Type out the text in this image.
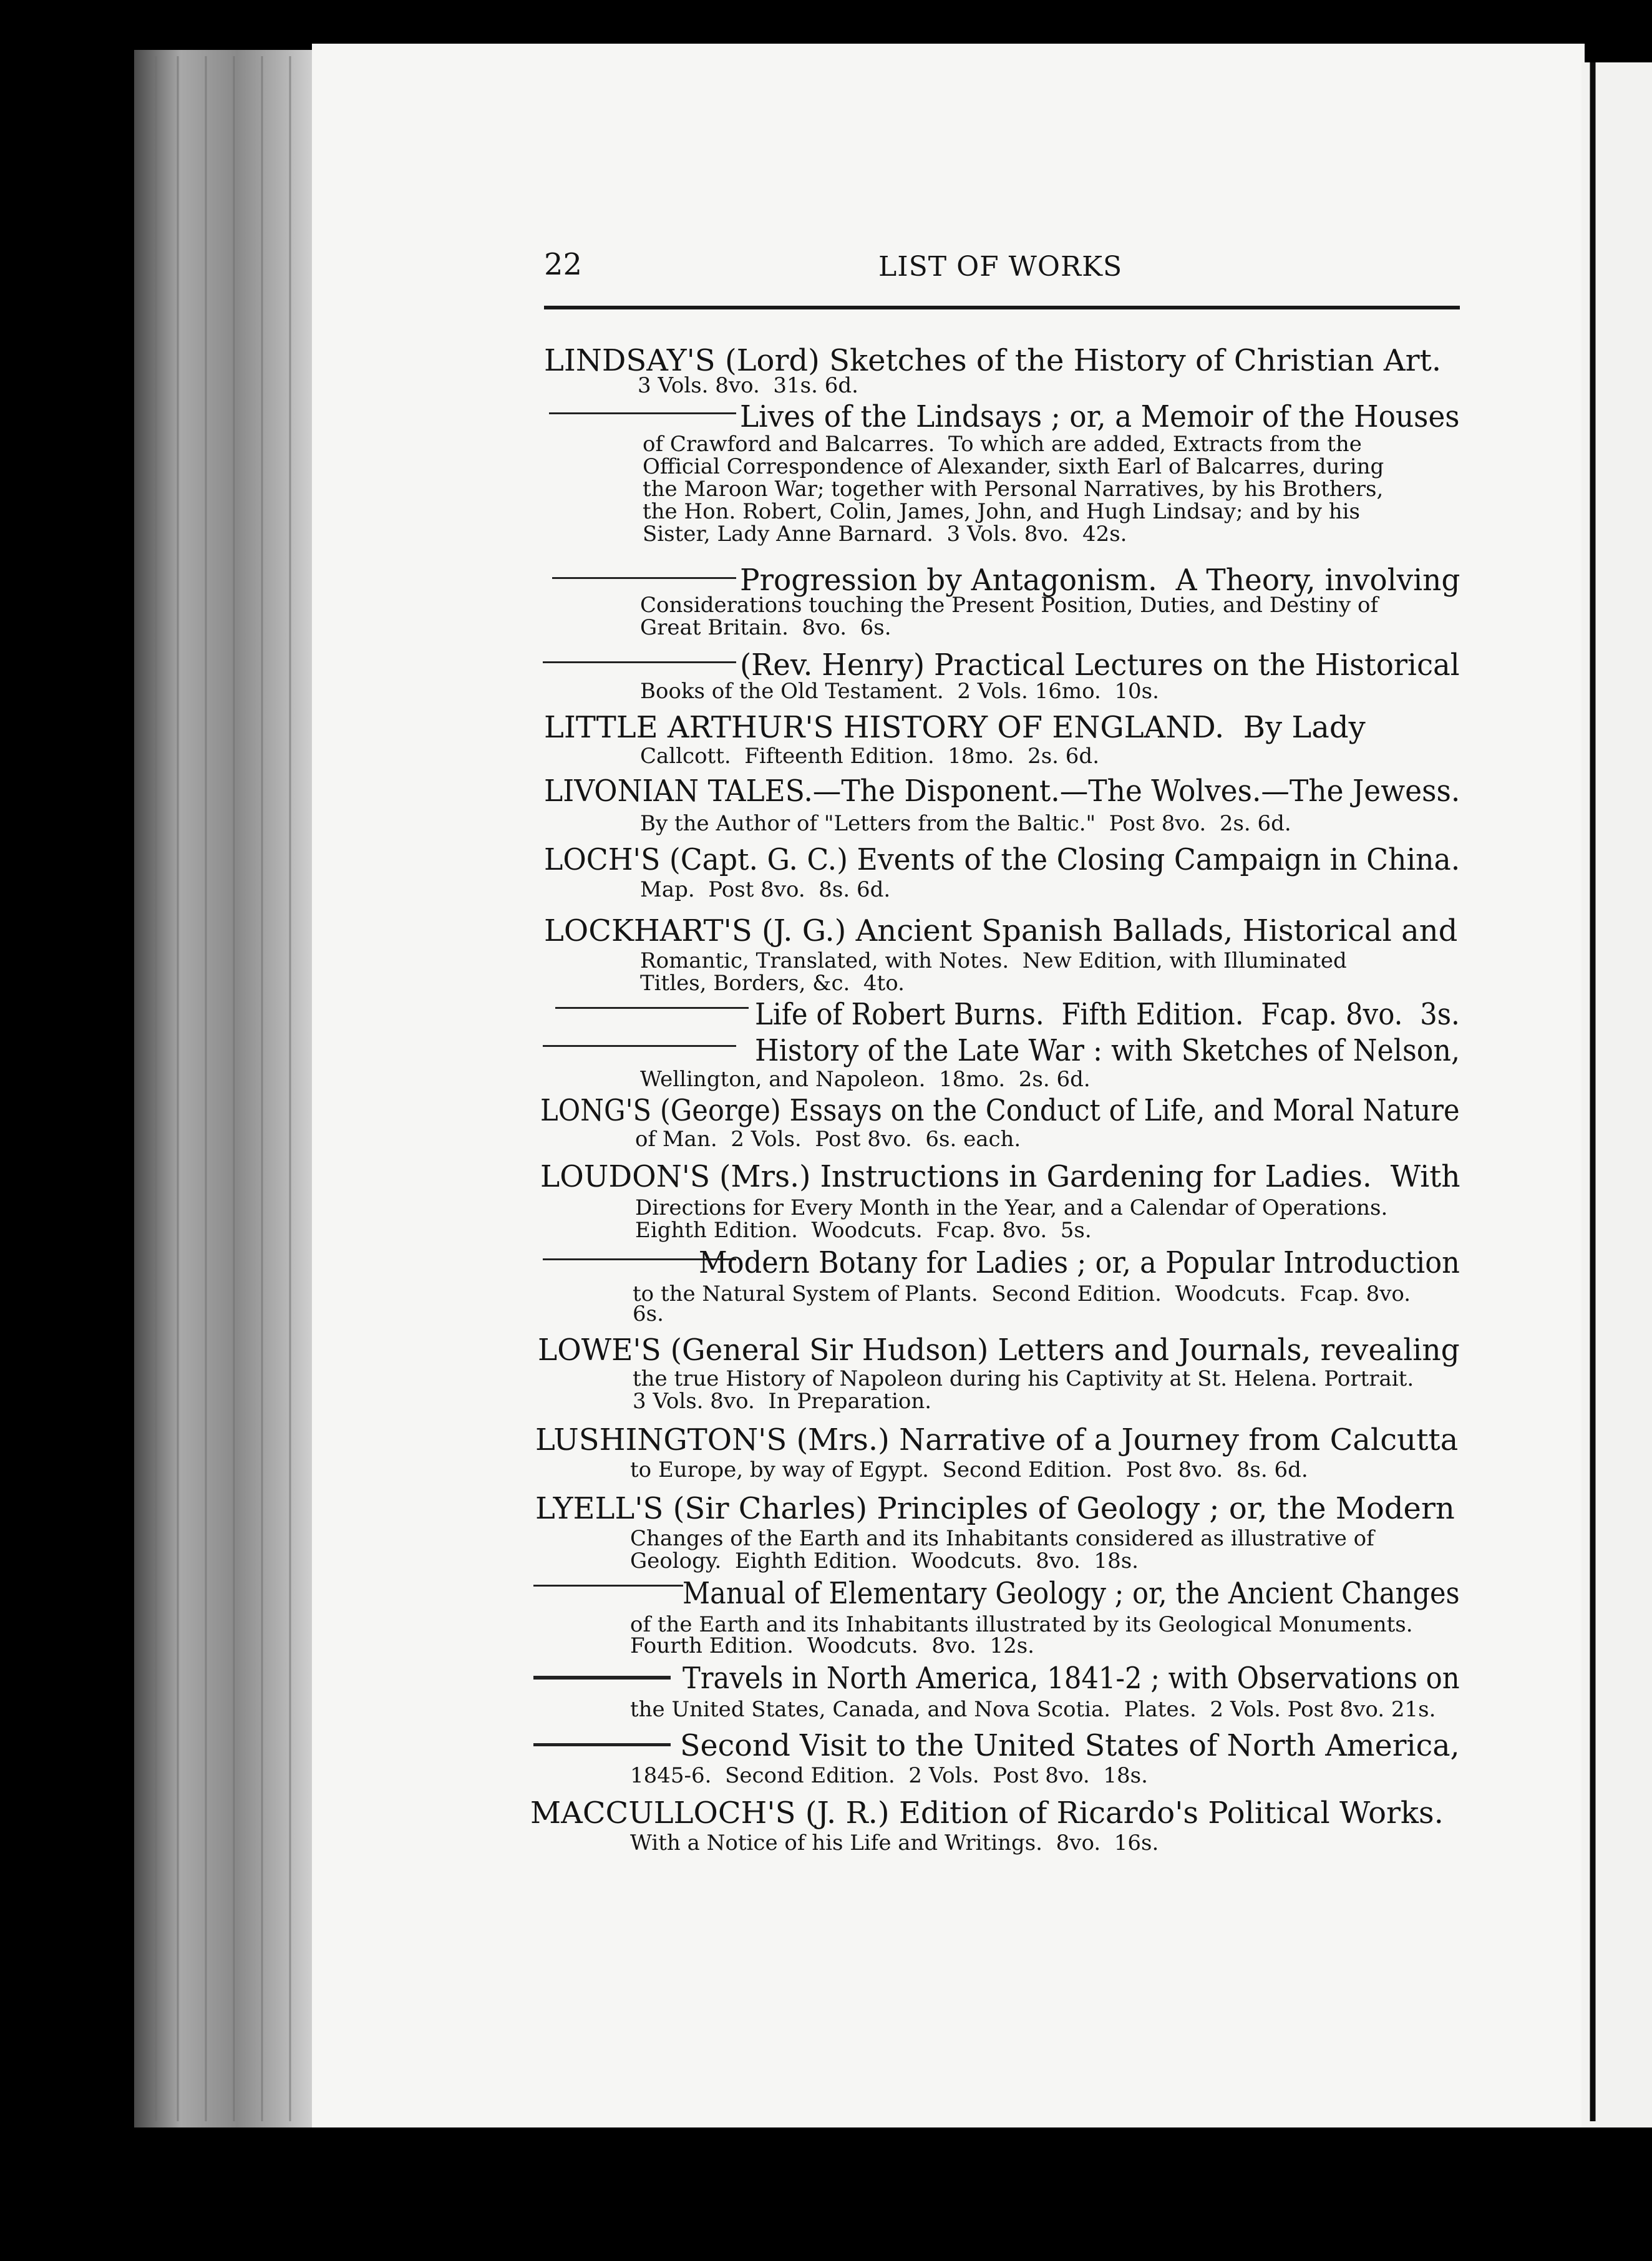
22	LIST OF WORKS
LINDSAY'S (Lord) Sketches of the History of Christian Art.
3 Vols. 8vo.  31s. 6d.
Lives of the Lindsays ; or, a Memoir of the Houses
of Crawford and Balcarres.  To which are added, Extracts from the
Official Correspondence of Alexander, sixth Earl of Balcarres, during
the Maroon War; together with Personal Narratives, by his Brothers,
the Hon. Robert, Colin, James, John, and Hugh Lindsay; and by his
Sister, Lady Anne Barnard.  3 Vols. 8vo.  42s.
Progression by Antagonism.  A Theory, involving
Considerations touching the Present Position, Duties, and Destiny of
Great Britain.  8vo.  6s.
(Rev. Henry) Practical Lectures on the Historical
Books of the Old Testament.  2 Vols. 16mo.  10s.
LITTLE ARTHUR'S HISTORY OF ENGLAND.  By Lady
Callcott.  Fifteenth Edition.  18mo.  2s. 6d.
LIVONIAN TALES.—The Disponent.—The Wolves.—The Jewess.
By the Author of "Letters from the Baltic."  Post 8vo.  2s. 6d.
LOCH'S (Capt. G. C.) Events of the Closing Campaign in China.
Map.  Post 8vo.  8s. 6d.
LOCKHART'S (J. G.) Ancient Spanish Ballads, Historical and
Romantic, Translated, with Notes.  New Edition, with Illuminated
Titles, Borders, &c.  4to.
Life of Robert Burns.  Fifth Edition.  Fcap. 8vo.  3s.
History of the Late War : with Sketches of Nelson,
Wellington, and Napoleon.  18mo.  2s. 6d.
LONG'S (George) Essays on the Conduct of Life, and Moral Nature
of Man.  2 Vols.  Post 8vo.  6s. each.
LOUDON'S (Mrs.) Instructions in Gardening for Ladies.  With
Directions for Every Month in the Year, and a Calendar of Operations.
Eighth Edition.  Woodcuts.  Fcap. 8vo.  5s.
Modern Botany for Ladies ; or, a Popular Introduction
to the Natural System of Plants.  Second Edition.  Woodcuts.  Fcap. 8vo.
6s.
LOWE'S (General Sir Hudson) Letters and Journals, revealing
the true History of Napoleon during his Captivity at St. Helena. Portrait.
3 Vols. 8vo.  In Preparation.
LUSHINGTON'S (Mrs.) Narrative of a Journey from Calcutta
to Europe, by way of Egypt.  Second Edition.  Post 8vo.  8s. 6d.
LYELL'S (Sir Charles) Principles of Geology ; or, the Modern
Changes of the Earth and its Inhabitants considered as illustrative of
Geology.  Eighth Edition.  Woodcuts.  8vo.  18s.
Manual of Elementary Geology ; or, the Ancient Changes
of the Earth and its Inhabitants illustrated by its Geological Monuments.
Fourth Edition.  Woodcuts.  8vo.  12s.
Travels in North America, 1841-2 ; with Observations on
the United States, Canada, and Nova Scotia.  Plates.  2 Vols. Post 8vo. 21s.
Second Visit to the United States of North America,
1845-6.  Second Edition.  2 Vols.  Post 8vo.  18s.
MACCULLOCH'S (J. R.) Edition of Ricardo's Political Works.
With a Notice of his Life and Writings.  8vo.  16s.
